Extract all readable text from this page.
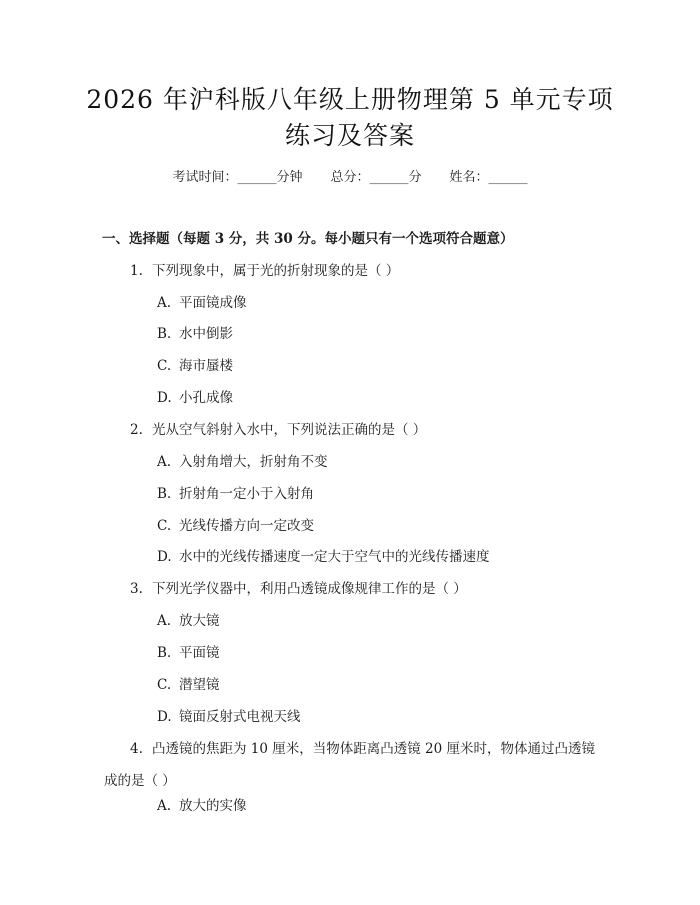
2026 年沪科版八年级上册物理第 5 单元专项
练习及答案
考试时间：______分钟 总分：______分 姓名：______
一、选择题（每题 3 分，共 30 分。每小题只有一个选项符合题意）
1. 下列现象中，属于光的折射现象的是（ ）
A. 平面镜成像
B. 水中倒影
C. 海市蜃楼
D. 小孔成像
2. 光从空气斜射入水中，下列说法正确的是（ ）
A. 入射角增大，折射角不变
B. 折射角一定小于入射角
C. 光线传播方向一定改变
D. 水中的光线传播速度一定大于空气中的光线传播速度
3. 下列光学仪器中，利用凸透镜成像规律工作的是（ ）
A. 放大镜
B. 平面镜
C. 潜望镜
D. 镜面反射式电视天线
4. 凸透镜的焦距为 10 厘米，当物体距离凸透镜 20 厘米时，物体通过凸透镜成的是（ ）
A. 放大的实像
